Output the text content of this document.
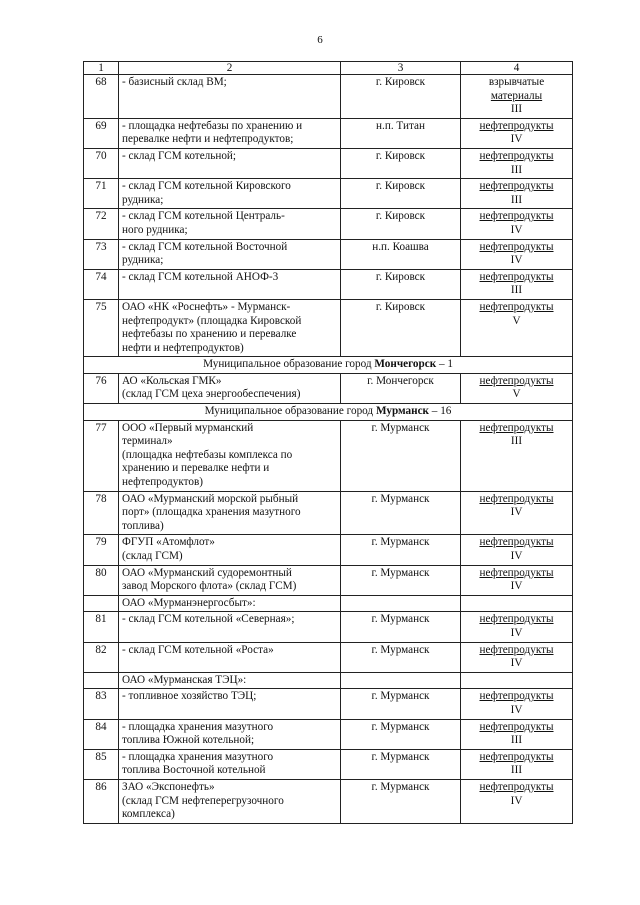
6
1	2	3	4
68	- базисный склад ВМ;	г. Кировск	взрывчатые
материалы
III

69	- площадка нефтебазы по хранению и
перевалке нефти и нефтепродуктов;	н.п. Титан	нефтепродукты
IV

70	- склад ГСМ котельной;	г. Кировск	нефтепродукты
III

71	- склад ГСМ котельной Кировского
рудника;	г. Кировск	нефтепродукты
III

72	- склад ГСМ котельной Централь-
ного рудника;	г. Кировск	нефтепродукты
IV

73	- склад ГСМ котельной Восточной
рудника;	н.п. Коашва	нефтепродукты
IV

74	- склад ГСМ котельной АНОФ-3	г. Кировск	нефтепродукты
III

75	ОАО «НК «Роснефть» - Мурманск-
нефтепродукт» (площадка Кировской
нефтебазы по хранению и перевалке
нефти и нефтепродуктов)	г. Кировск	нефтепродукты
V

Муниципальное образование город Мончегорск – 1			
76	АО «Кольская ГМК»
(склад ГСМ цеха энергообеспечения)	г. Мончегорск	нефтепродукты
V

Муниципальное образование город Мурманск – 16			
77	ООО «Первый мурманский
терминал»
(площадка нефтебазы комплекса по
хранению и перевалке нефти и
нефтепродуктов)	г. Мурманск	нефтепродукты
III

78	ОАО «Мурманский морской рыбный
порт» (площадка хранения мазутного
топлива)	г. Мурманск	нефтепродукты
IV

79	ФГУП «Атомфлот»
(склад ГСМ)	г. Мурманск	нефтепродукты
IV

80	ОАО «Мурманский судоремонтный
завод Морского флота» (склад ГСМ)	г. Мурманск	нефтепродукты
IV

	ОАО «Мурманэнергосбыт»:		

81	- склад ГСМ котельной «Северная»;	г. Мурманск	нефтепродукты
IV

82	- склад ГСМ котельной «Роста»	г. Мурманск	нефтепродукты
IV

	ОАО «Мурманская ТЭЦ»:		

83	- топливное хозяйство ТЭЦ;	г. Мурманск	нефтепродукты
IV

84	- площадка хранения мазутного
топлива Южной котельной;	г. Мурманск	нефтепродукты
III

85	- площадка хранения мазутного
топлива Восточной котельной	г. Мурманск	нефтепродукты
III

86	ЗАО «Экспонефть»
(склад ГСМ нефтеперегрузочного
комплекса)	г. Мурманск	нефтепродукты
IV
